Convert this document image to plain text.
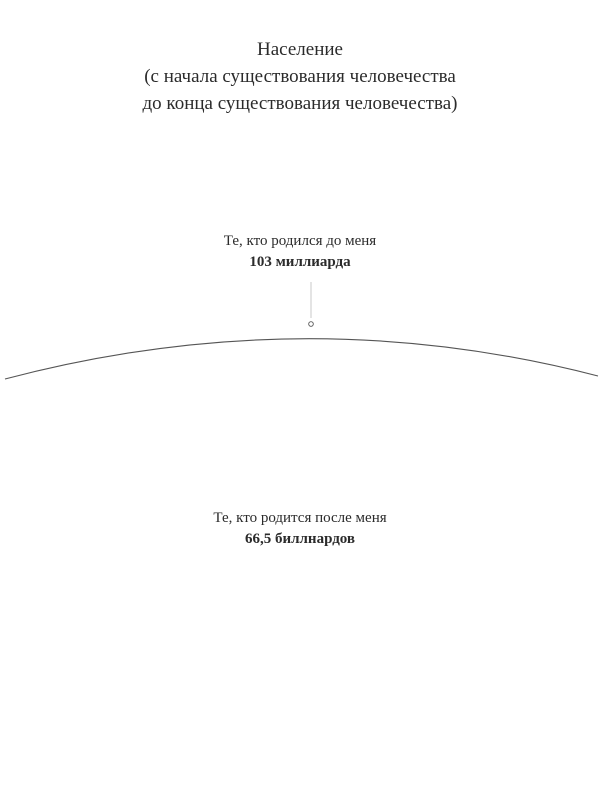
Население
(с начала существования человечества
до конца существования человечества)
Те, кто родился до меня
103 миллиарда
Те, кто родится после меня
66,5 биллнардов
